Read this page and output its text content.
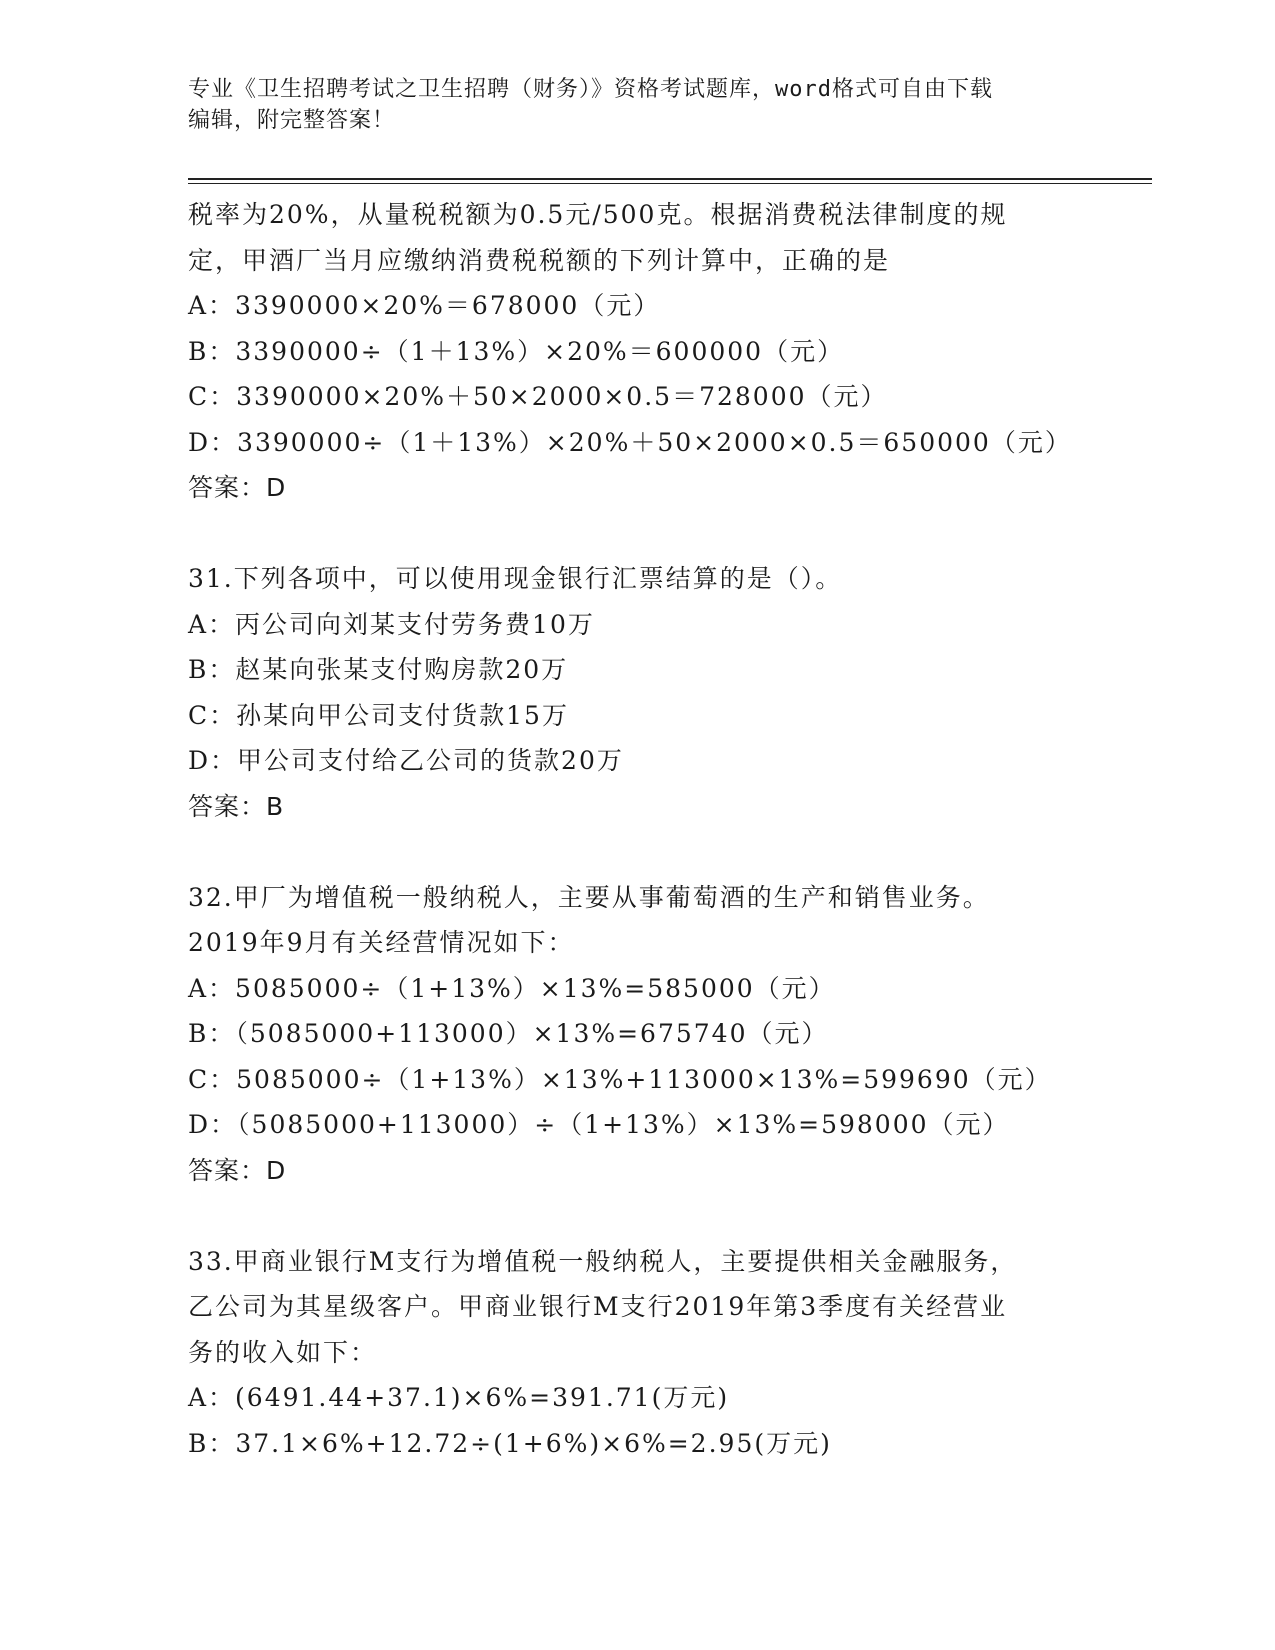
专业《卫生招聘考试之卫生招聘（财务）》资格考试题库，word格式可自由下载
编辑，附完整答案！
税率为20%，从量税税额为0.5元/500克。根据消费税法律制度的规
定，甲酒厂当月应缴纳消费税税额的下列计算中，正确的是
A：3390000×20%＝678000（元）
B：3390000÷（1＋13%）×20%＝600000（元）
C：3390000×20%＋50×2000×0.5＝728000（元）
D：3390000÷（1＋13%）×20%＋50×2000×0.5＝650000（元）
答案：D
31.下列各项中，可以使用现金银行汇票结算的是（）。
A：丙公司向刘某支付劳务费10万
B：赵某向张某支付购房款20万
C：孙某向甲公司支付货款15万
D：甲公司支付给乙公司的货款20万
答案：B
32.甲厂为增值税一般纳税人，主要从事葡萄酒的生产和销售业务。
2019年9月有关经营情况如下：
A：5085000÷（1+13%）×13%=585000（元）
B：（5085000+113000）×13%=675740（元）
C：5085000÷（1+13%）×13%+113000×13%=599690（元）
D：（5085000+113000）÷（1+13%）×13%=598000（元）
答案：D
33.甲商业银行M支行为增值税一般纳税人，主要提供相关金融服务，
乙公司为其星级客户。甲商业银行M支行2019年第3季度有关经营业
务的收入如下：
A：(6491.44+37.1)×6%=391.71(万元)
B：37.1×6%+12.72÷(1+6%)×6%=2.95(万元)
